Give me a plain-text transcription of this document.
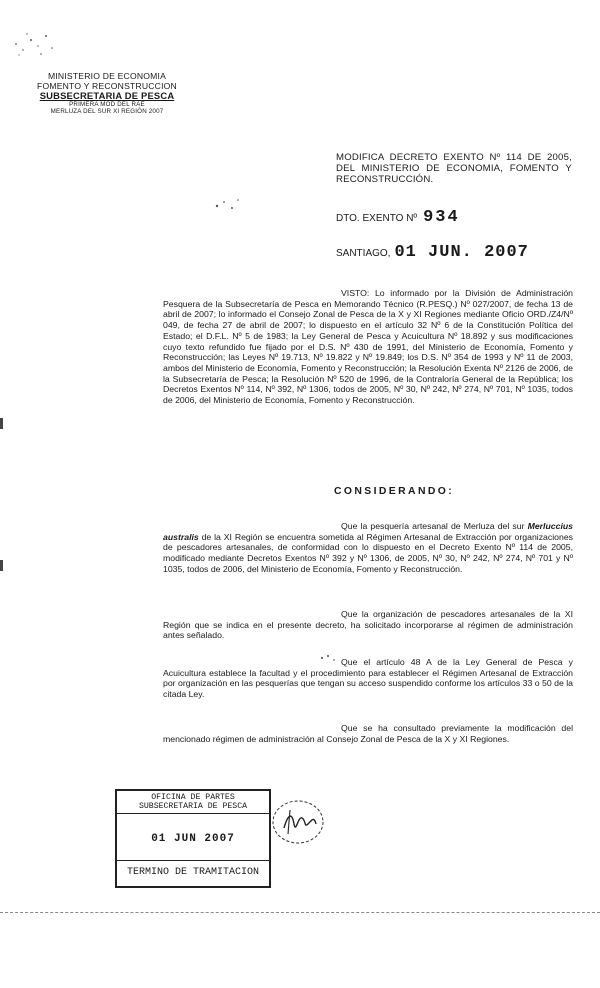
MINISTERIO DE ECONOMIA
FOMENTO Y RECONSTRUCCION
SUBSECRETARIA DE PESCA
PRIMERA MOD DEL RAE
MERLUZA DEL SUR XI REGIÓN 2007
MODIFICA DECRETO EXENTO Nº 114 DE 2005, DEL MINISTERIO DE ECONOMIA, FOMENTO Y RECONSTRUCCIÓN.
DTO. EXENTO Nº 934
SANTIAGO, 01 JUN. 2007
VISTO: Lo informado por la División de Administración Pesquera de la Subsecretaría de Pesca en Memorando Técnico (R.PESQ.) Nº 027/2007, de fecha 13 de abril de 2007; lo informado el Consejo Zonal de Pesca de la X y XI Regiones mediante Oficio ORD./Z4/Nº 049, de fecha 27 de abril de 2007; lo dispuesto en el artículo 32 Nº 6 de la Constitución Política del Estado; el D.F.L. Nº 5 de 1983; la Ley General de Pesca y Acuicultura Nº 18.892 y sus modificaciones cuyo texto refundido fue fijado por el D.S. Nº 430 de 1991, del Ministerio de Economía, Fomento y Reconstrucción; las Leyes Nº 19.713, Nº 19.822 y Nº 19.849; los D.S. Nº 354 de 1993 y Nº 11 de 2003, ambos del Ministerio de Economía, Fomento y Reconstrucción; la Resolución Exenta Nº 2126 de 2006, de la Subsecretaría de Pesca; la Resolución Nº 520 de 1996, de la Contraloría General de la República; los Decretos Exentos Nº 114, Nº 392, Nº 1306, todos de 2005, Nº 30, Nº 242, Nº 274, Nº 701, Nº 1035, todos de 2006, del Ministerio de Economía, Fomento y Reconstrucción.
CONSIDERANDO:
Que la pesquería artesanal de Merluza del sur Merluccius australis de la XI Región se encuentra sometida al Régimen Artesanal de Extracción por organizaciones de pescadores artesanales, de conformidad con lo dispuesto en el Decreto Exento Nº 114 de 2005, modificado mediante Decretos Exentos Nº 392 y Nº 1306, de 2005, Nº 30, Nº 242, Nº 274, Nº 701 y Nº 1035, todos de 2006, del Ministerio de Economía, Fomento y Reconstrucción.
Que la organización de pescadores artesanales de la XI Región que se indica en el presente decreto, ha solicitado incorporarse al régimen de administración antes señalado.
Que el artículo 48 A de la Ley General de Pesca y Acuicultura establece la facultad y el procedimiento para establecer el Régimen Artesanal de Extracción por organización en las pesquerías que tengan su acceso suspendido conforme los artículos 33 o 50 de la citada Ley.
Que se ha consultado previamente la modificación del mencionado régimen de administración al Consejo Zonal de Pesca de la X y XI Regiones.
OFICINA DE PARTES
SUBSECRETARIA DE PESCA
01 JUN 2007
TERMINO DE TRAMITACION
